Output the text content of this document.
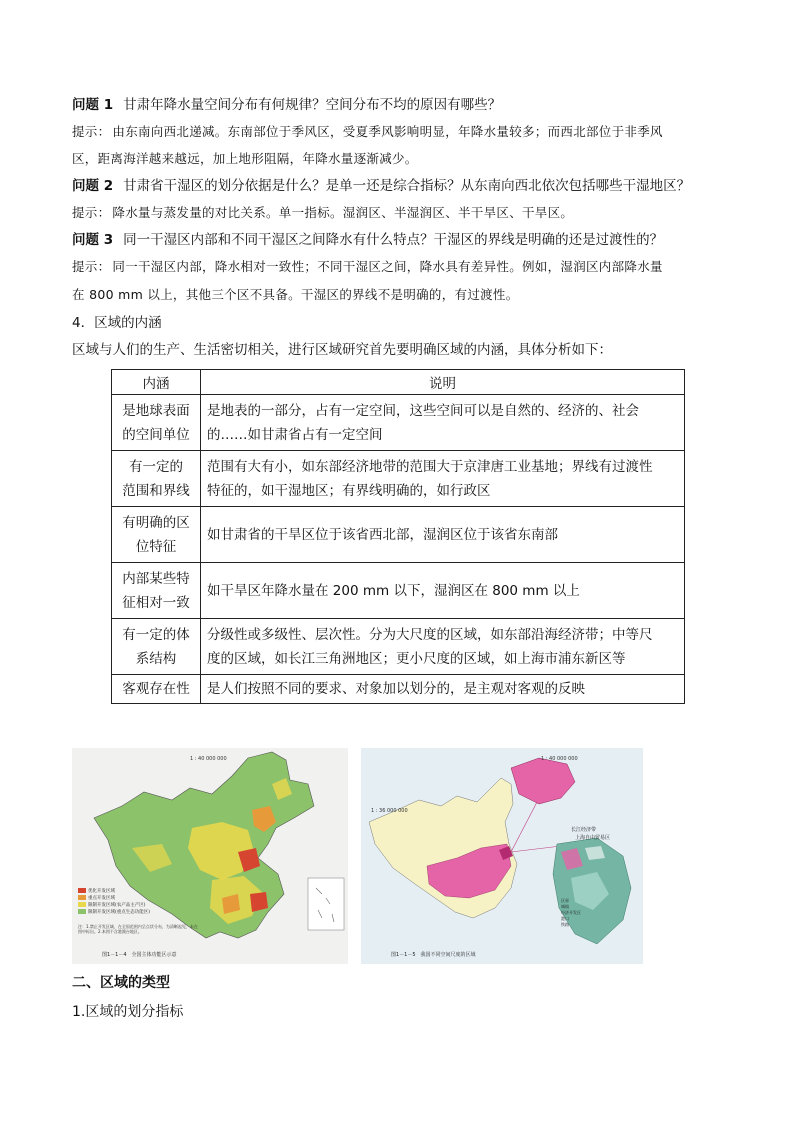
问题 1 甘肃年降水量空间分布有何规律？空间分布不均的原因有哪些？
提示： 由东南向西北递减。东南部位于季风区，受夏季风影响明显，年降水量较多；而西北部位于非季风
区，距离海洋越来越远，加上地形阻隔，年降水量逐渐减少。
问题 2 甘肃省干湿区的划分依据是什么？是单一还是综合指标？从东南向西北依次包括哪些干湿地区？
提示： 降水量与蒸发量的对比关系。单一指标。湿润区、半湿润区、半干旱区、干旱区。
问题 3 同一干湿区内部和不同干湿区之间降水有什么特点？干湿区的界线是明确的还是过渡性的？
提示： 同一干湿区内部，降水相对一致性；不同干湿区之间，降水具有差异性。例如，湿润区内部降水量
在 800 mm 以上，其他三个区不具备。干湿区的界线不是明确的，有过渡性。
4．区域的内涵
区域与人们的生产、生活密切相关，进行区域研究首先要明确区域的内涵，具体分析如下：
内涵	说明
是地球表面
的空间单位	是地表的一部分，占有一定空间，这些空间可以是自然的、经济的、社会
的……如甘肃省占有一定空间
有一定的
范围和界线	范围有大有小，如东部经济地带的范围大于京津唐工业基地；界线有过渡性
特征的，如干湿地区；有界线明确的，如行政区
有明确的区
位特征	如甘肃省的干旱区位于该省西北部，湿润区位于该省东南部
内部某些特
征相对一致	如干旱区年降水量在 200 mm 以下，湿润区在 800 mm 以上
有一定的体
系结构	分级性或多级性、层次性。分为大尺度的区域，如东部沿海经济带；中等尺
度的区域，如长江三角洲地区；更小尺度的区域，如上海市浦东新区等
客观存在性	是人们按照不同的要求、对象加以划分的，是主观对客观的反映
1 : 40 000 000
优化开发区域
重点开发区域
限制开发区域(农产品主产区)
限制开发区域(重点生态功能区)
注：1.禁止开发区域，在全国范围内呈点状分布，为清晰起见，未在图中标出。2.本图不含港澳台地区。
图1－1－4　全国主体功能区示意
1 : 36 000 000
1 : 40 000 000
长江经济带
上海自由贸易区
区界
城镇
经济开发区
港口
铁路
图1－1－5　我国不同空间尺度的区域
二、区域的类型
1.区域的划分指标
